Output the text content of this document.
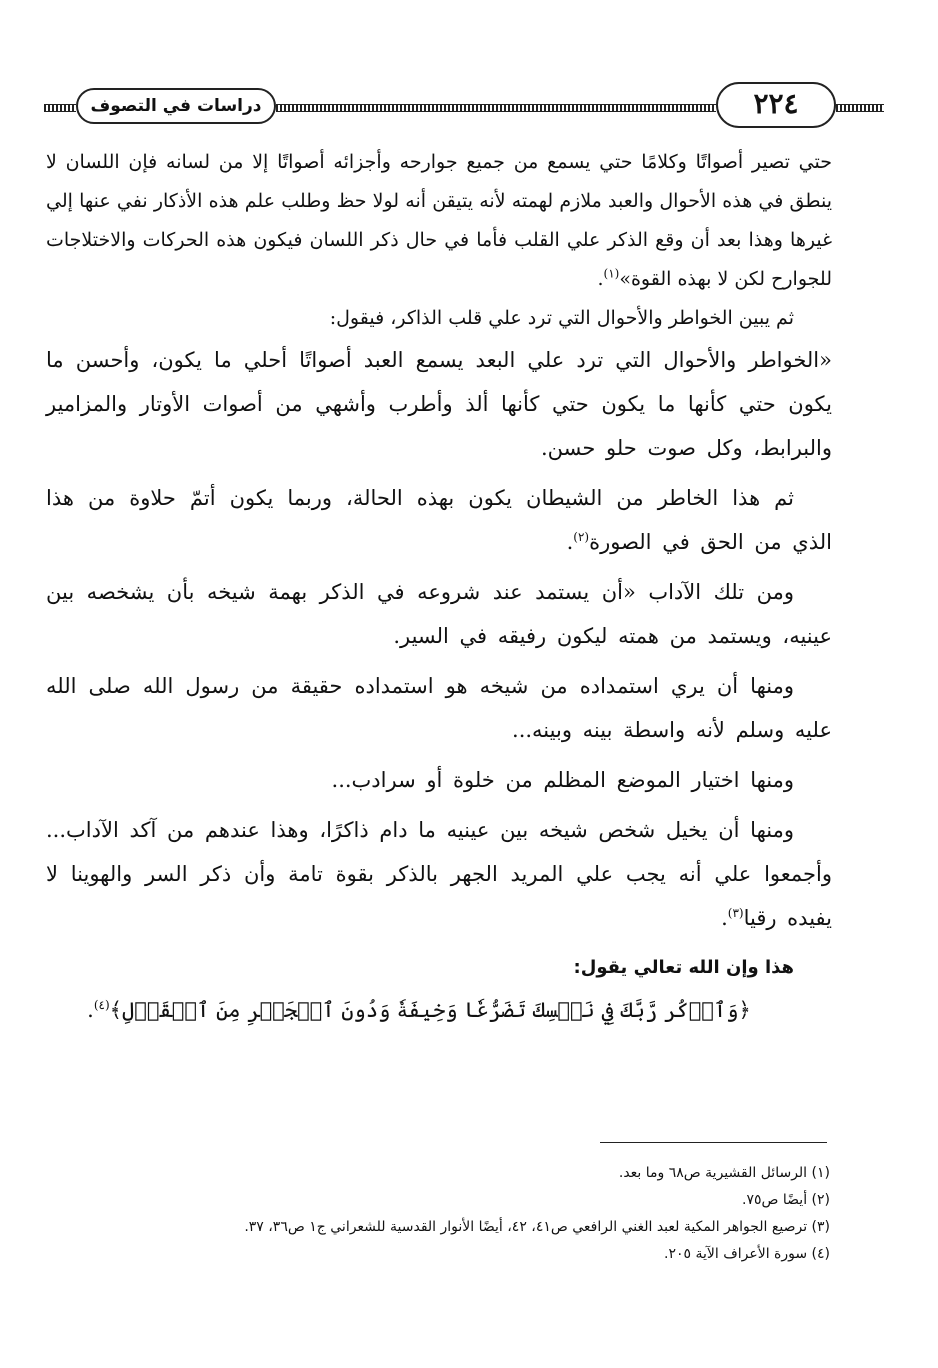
دراسات في التصوف	٢٢٤

حتي تصير أصواتًا وكلامًا حتي يسمع من جميع جوارحه وأجزائه أصواتًا إلا من لسانه فإن اللسان لا ينطق في هذه الأحوال والعبد ملازم لهمته لأنه يتيقن أنه لولا حظ وطلب علم هذه الأذكار نفي عنها إلي غيرها وهذا بعد أن وقع الذكر علي القلب فأما في حال ذكر اللسان فيكون هذه الحركات والاختلاجات للجوارح لكن لا بهذه القوة»$^{(١)}$.

ثم يبين الخواطر والأحوال التي ترد علي قلب الذاكر، فيقول:

«الخواطر والأحوال التي ترد علي البعد يسمع العبد أصواتًا أحلي ما يكون، وأحسن ما يكون حتي كأنها ما يكون حتي كأنها ألذ وأطرب وأشهي من أصوات الأوتار والمزامير والبرابط، وكل صوت حلو حسن.

ثم هذا الخاطر من الشيطان يكون بهذه الحالة، وربما يكون أتمّ حلاوة من هذا الذي من الحق في الصورة$^{(٢)}$.

ومن تلك الآداب «أن يستمد عند شروعه في الذكر بهمة شيخه بأن يشخصه بين عينيه، ويستمد من همته ليكون رفيقه في السير.

ومنها أن يري استمداده من شيخه هو استمداده حقيقة من رسول الله صلى الله عليه وسلم لأنه واسطة بينه وبينه...

ومنها اختيار الموضع المظلم من خلوة أو سرادب...

ومنها أن يخيل شخص شيخه بين عينيه ما دام ذاكرًا، وهذا عندهم من آكد الآداب... وأجمعوا علي أنه يجب علي المريد الجهر بالذكر بقوة تامة وأن ذكر السر والهوينا لا يفيده رقيا$^{(٣)}$.

هذا وإن الله تعالي يقول:

﴿وَٱذۡكُر رَّبَّكَ فِي نَفۡسِكَ تَضَرُّعٗا وَخِيفَةٗ وَدُونَ ٱلۡجَهۡرِ مِنَ ٱلۡقَوۡلِ﴾$^{(٤)}$.

(١) الرسائل القشيرية ص٦٨ وما بعد.

(٢) أيضًا ص٧٥.

(٣) ترصيع الجواهر المكية لعبد الغني الرافعي ص٤١، ٤٢، أيضًا الأنوار القدسية للشعراني ج١ ص٣٦، ٣٧.

(٤) سورة الأعراف الآية ٢٠٥.
